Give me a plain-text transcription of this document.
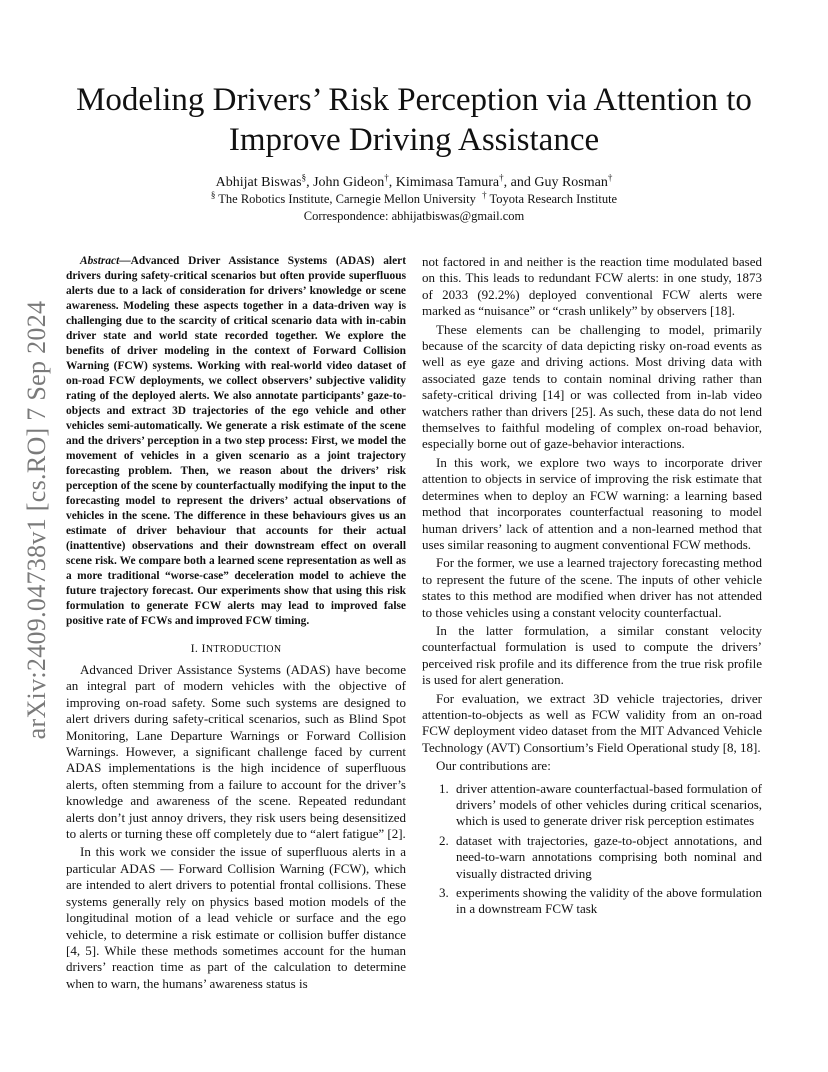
arXiv:2409.04738v1 [cs.RO] 7 Sep 2024
Modeling Drivers’ Risk Perception via Attention to Improve Driving Assistance
Abhijat Biswas§, John Gideon†, Kimimasa Tamura†, and Guy Rosman†
§ The Robotics Institute, Carnegie Mellon University  † Toyota Research Institute
Correspondence: abhijatbiswas@gmail.com

Abstract—Advanced Driver Assistance Systems (ADAS) alert drivers during safety-critical scenarios but often provide superfluous alerts due to a lack of consideration for drivers’ knowledge or scene awareness. Modeling these aspects together in a data-driven way is challenging due to the scarcity of critical scenario data with in-cabin driver state and world state recorded together. We explore the benefits of driver modeling in the context of Forward Collision Warning (FCW) systems. Working with real-world video dataset of on-road FCW deployments, we collect observers’ subjective validity rating of the deployed alerts. We also annotate participants’ gaze-to-objects and extract 3D trajectories of the ego vehicle and other vehicles semi-automatically. We generate a risk estimate of the scene and the drivers’ perception in a two step process: First, we model the movement of vehicles in a given scenario as a joint trajectory forecasting problem. Then, we reason about the drivers’ risk perception of the scene by counterfactually modifying the input to the forecasting model to represent the drivers’ actual observations of vehicles in the scene. The difference in these behaviours gives us an estimate of driver behaviour that accounts for their actual (inattentive) observations and their downstream effect on overall scene risk. We compare both a learned scene representation as well as a more traditional “worse-case” deceleration model to achieve the future trajectory forecast. Our experiments show that using this risk formulation to generate FCW alerts may lead to improved false positive rate of FCWs and improved FCW timing.

I. INTRODUCTION

Advanced Driver Assistance Systems (ADAS) have become an integral part of modern vehicles with the objective of improving on-road safety. Some such systems are designed to alert drivers during safety-critical scenarios, such as Blind Spot Monitoring, Lane Departure Warnings or Forward Collision Warnings. However, a significant challenge faced by current ADAS implementations is the high incidence of superfluous alerts, often stemming from a failure to account for the driver’s knowledge and awareness of the scene. Repeated redundant alerts don’t just annoy drivers, they risk users being desensitized to alerts or turning these off completely due to “alert fatigue” [2].

In this work we consider the issue of superfluous alerts in a particular ADAS — Forward Collision Warning (FCW), which are intended to alert drivers to potential frontal collisions. These systems generally rely on physics based motion models of the longitudinal motion of a lead vehicle or surface and the ego vehicle, to determine a risk estimate or collision buffer distance [4, 5]. While these methods sometimes account for the human drivers’ reaction time as part of the calculation to determine when to warn, the humans’ awareness status is

not factored in and neither is the reaction time modulated based on this. This leads to redundant FCW alerts: in one study, 1873 of 2033 (92.2%) deployed conventional FCW alerts were marked as “nuisance” or “crash unlikely” by observers [18].

These elements can be challenging to model, primarily because of the scarcity of data depicting risky on-road events as well as eye gaze and driving actions. Most driving data with associated gaze tends to contain nominal driving rather than safety-critical driving [14] or was collected from in-lab video watchers rather than drivers [25]. As such, these data do not lend themselves to faithful modeling of complex on-road behavior, especially borne out of gaze-behavior interactions.

In this work, we explore two ways to incorporate driver attention to objects in service of improving the risk estimate that determines when to deploy an FCW warning: a learning based method that incorporates counterfactual reasoning to model human drivers’ lack of attention and a non-learned method that uses similar reasoning to augment conventional FCW methods.

For the former, we use a learned trajectory forecasting method to represent the future of the scene. The inputs of other vehicle states to this method are modified when driver has not attended to those vehicles using a constant velocity counterfactual.

In the latter formulation, a similar constant velocity counterfactual formulation is used to compute the drivers’ perceived risk profile and its difference from the true risk profile is used for alert generation.

For evaluation, we extract 3D vehicle trajectories, driver attention-to-objects as well as FCW validity from an on-road FCW deployment video dataset from the MIT Advanced Vehicle Technology (AVT) Consortium’s Field Operational study [8, 18].

Our contributions are:

1. driver attention-aware counterfactual-based formulation of drivers’ models of other vehicles during critical scenarios, which is used to generate driver risk perception estimates
2. dataset with trajectories, gaze-to-object annotations, and need-to-warn annotations comprising both nominal and visually distracted driving
3. experiments showing the validity of the above formulation in a downstream FCW task
